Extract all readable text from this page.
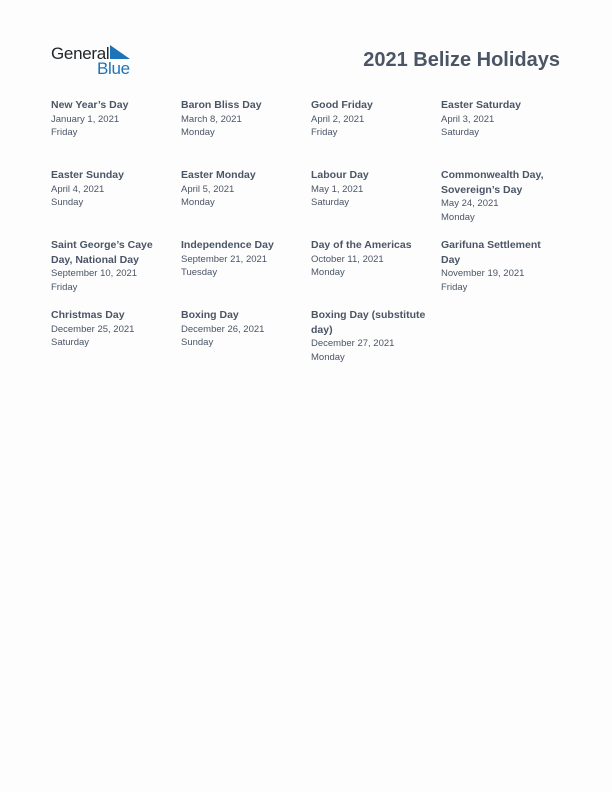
General
Blue	2021 Belize Holidays
New Year’s Day
January 1, 2021
Friday
Baron Bliss Day
March 8, 2021
Monday
Good Friday
April 2, 2021
Friday
Easter Saturday
April 3, 2021
Saturday
Easter Sunday
April 4, 2021
Sunday
Easter Monday
April 5, 2021
Monday
Labour Day
May 1, 2021
Saturday
Commonwealth Day, Sovereign’s Day
May 24, 2021
Monday
Saint George’s Caye Day, National Day
September 10, 2021
Friday
Independence Day
September 21, 2021
Tuesday
Day of the Americas
October 11, 2021
Monday
Garifuna Settlement Day
November 19, 2021
Friday
Christmas Day
December 25, 2021
Saturday
Boxing Day
December 26, 2021
Sunday
Boxing Day (substitute day)
December 27, 2021
Monday
